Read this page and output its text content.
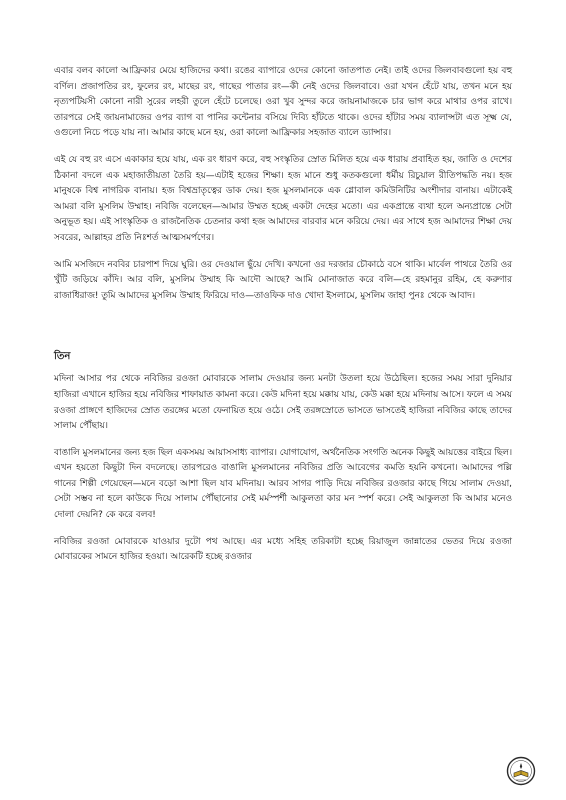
এবার বলব কালো আফ্রিকার মেয়ে হাজিদের কথা। রঙের ব্যাপারে ওদের কোনো জাতপাত নেই। তাই ওদের জিলবাবগুলো হয় বহু বর্ণিল। প্রজাপতির রং, ফুলের রং, মাছের রং, গাছের পাতার রং—কী নেই ওদের জিলবাবে। ওরা যখন হেঁটে যায়, তখন মনে হয় নৃত্যপটিয়সী কোনো নারী সুরের লহরী তুলে হেঁটে চলেছে। ওরা খুব সুন্দর করে জায়নামাজকে চার ভাগ করে মাথার ওপর রাখে। তারপরে সেই জায়নামাজের ওপর ব্যাগ বা পানির কন্টেনার বসিয়ে দিব্যি হাঁটতে থাকে। ওদের হাঁটার সময় ব্যালান্সটা এত সূক্ষ্ম যে, ওগুলো নিচে পড়ে যায় না। আমার কাছে মনে হয়, ওরা কালো আফ্রিকার সহজাত ব্যালে ড্যান্সার।

এই যে বহু রং এসে একাকার হয়ে যায়, এক রং ধারণ করে, বহু সংস্কৃতির স্রোত মিলিত হয়ে এক ধারায় প্রবাহিত হয়, জাতি ও দেশের ঠিকানা বদলে এক মহাজাতীয়তা তৈরি হয়—এটাই হজের শিক্ষা। হজ মানে শুধু কতকগুলো ধর্মীয় রিচুয়াল রীতিপদ্ধতি নয়। হজ মানুষকে বিশ্ব নাগরিক বানায়। হজ বিশ্বভ্রাতৃত্বের ডাক দেয়। হজ মুসলমানকে এক গ্লোবাল কমিউনিটির অংশীদার বানায়। এটাকেই আমরা বলি মুসলিম উম্মাহ। নবিজি বলেছেন—আমার উম্মত হচ্ছে একটা দেহের মতো। এর একপ্রান্তে ব্যথা হলে অন্যপ্রান্তে সেটা অনুভূত হয়। এই সাংস্কৃতিক ও রাজনৈতিক চেতনার কথা হজ আমাদের বারবার মনে করিয়ে দেয়। এর সাথে হজ আমাদের শিক্ষা দেয় সবরের, আল্লাহর প্রতি নিঃশর্ত আত্মসমর্পণের।

আমি মসজিদে নববির চারপাশ দিয়ে ঘুরি। ওর দেওয়াল ছুঁয়ে দেখি। কখনো ওর দরজার চৌকাঠে বসে থাকি। মার্বেল পাথরে তৈরি ওর খুঁটি জড়িয়ে কাঁদি। আর বলি, মুসলিম উম্মাহ কি আদৌ আছে? আমি মোনাজাত করে বলি—হে রহমানুর রহিম, হে করুণার রাজাধিরাজ! তুমি আমাদের মুসলিম উম্মাহ ফিরিয়ে দাও—তাওফিক দাও খোদা ইসলামে, মুসলিম জাহা পুনঃ থেকে আবাদ।

তিন

মদিনা আসার পর থেকে নবিজির রওজা মোবারকে সালাম দেওয়ার জন্য মনটা উতলা হয়ে উঠেছিল। হজের সময় সারা দুনিয়ার হাজিরা এখানে হাজির হয়ে নবিজির শাফায়াত কামনা করে। কেউ মদিনা হয়ে মক্কায় যায়, কেউ মক্কা হয়ে মদিনায় আসে। ফলে এ সময় রওজা প্রাঙ্গণে হাজিদের স্রোত তরঙ্গের মতো ফেনায়িত হয়ে ওঠে। সেই তরঙ্গস্রোতে ভাসতে ভাসতেই হাজিরা নবিজির কাছে তাদের সালাম পৌঁছায়।

বাঙালি মুসলমানের জন্য হজ ছিল একসময় আয়াসসাধ্য ব্যাপার। যোগাযোগ, অর্থনৈতিক সংগতি অনেক কিছুই আয়ত্তের বাইরে ছিল। এখন হয়তো কিছুটা দিন বদলেছে। তারপরেও বাঙালি মুসলমানের নবিজির প্রতি আবেগের কমতি হয়নি কখনো। আমাদের পল্লি গানের শিল্পী গেয়েছেন—মনে বড়ো আশা ছিল যাব মদিনায়। আরব সাগর পাড়ি দিয়ে নবিজির রওজার কাছে গিয়ে সালাম দেওয়া, সেটা সম্ভব না হলে কাউকে দিয়ে সালাম পৌঁছানোর সেই মর্মস্পর্শী আকুলতা কার মন স্পর্শ করে। সেই আকুলতা কি আমার মনেও দোলা দেয়নি? কে করে বলব!

নবিজির রওজা মোবারকে যাওয়ার দুটো পথ আছে। এর মধ্যে সহিহ তরিকাটা হচ্ছে রিয়াজুল জান্নাতের ভেতর দিয়ে রওজা মোবারকের সামনে হাজির হওয়া। আরেকটি হচ্ছে রওজার
